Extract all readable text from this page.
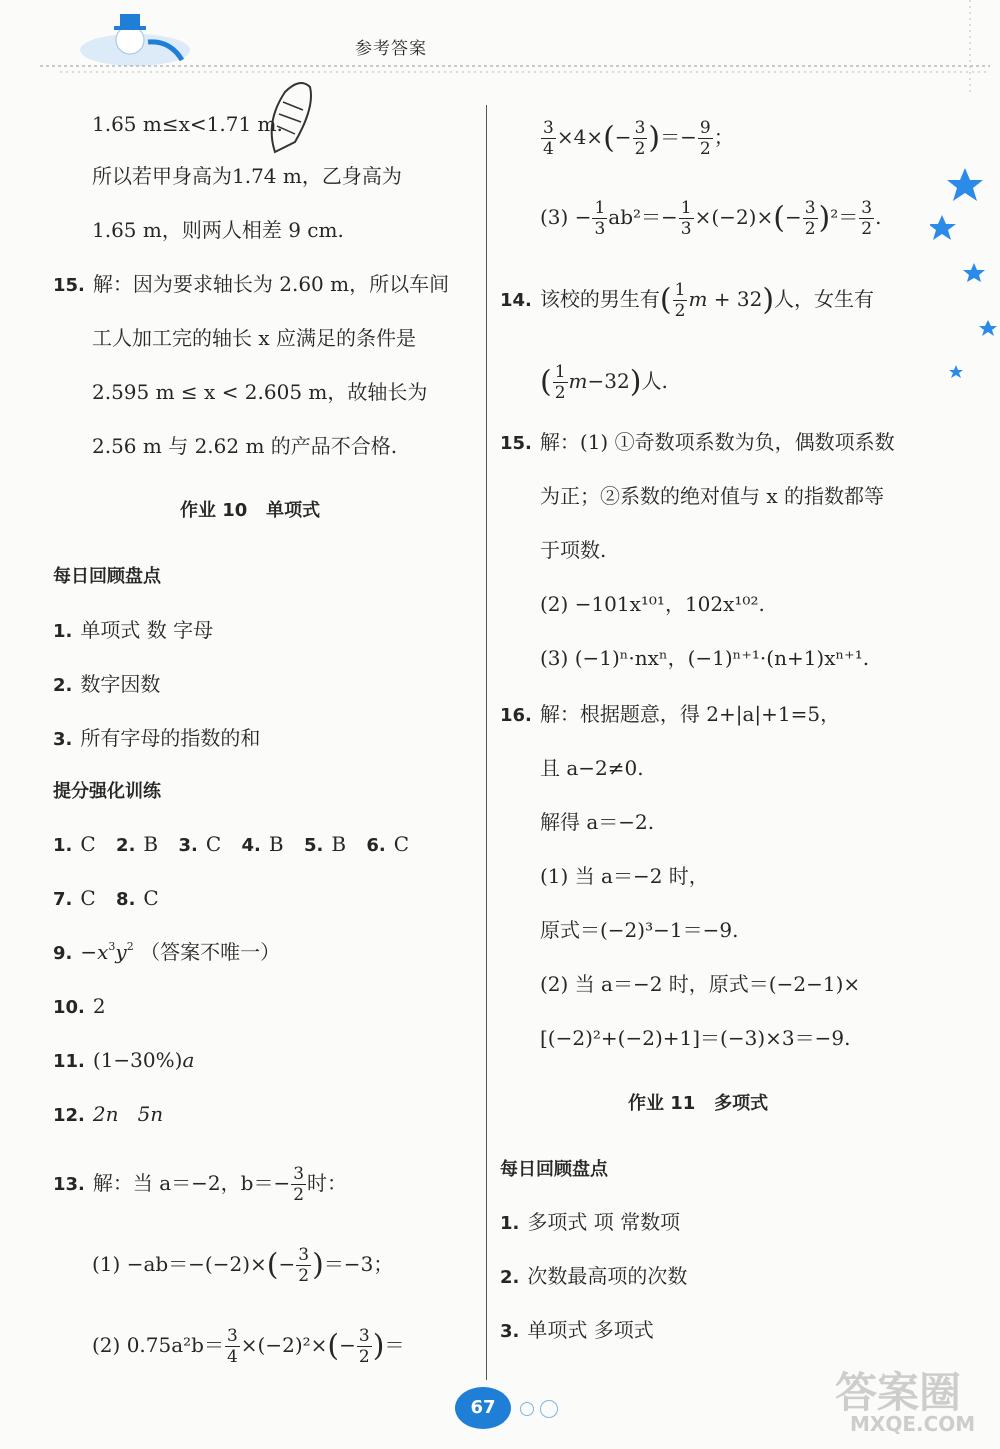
参考答案
1.65 m≤x<1.71 m.
所以若甲身高为1.74 m，乙身高为
1.65 m，则两人相差 9 cm.
15. 解：因为要求轴长为 2.60 m，所以车间
工人加工完的轴长 x 应满足的条件是
2.595 m ≤ x < 2.605 m，故轴长为
2.56 m 与 2.62 m 的产品不合格.
作业 10 单项式
每日回顾盘点
1. 单项式 数 字母
2. 数字因数
3. 所有字母的指数的和
提分强化训练
1. C 2. B 3. C 4. B 5. B 6. C
7. C 8. C
9. $-x^3y^2$ （答案不唯一）
10. 2
11. (1−30%)a
12. 2n 5n
13. 解：当 a＝−2，$b=- \frac{3}{2}$ 时：
$(1) -ab=-(-2)\times(- \frac{3}{2} )=-3$；
(2) $0.75a^2b= \frac{3}{4} \times(-2)^2\times(- \frac{3}{2}$ )＝
$\frac{3}{4} \times 4\times(- \frac{3}{2}$ )＝− $\frac{9}{2}$ ；
$(3) - \frac{1}{3} ab^2=- \frac{1}{3} \times(-2)\times(- \frac{3}{2} )^2= \frac{3}{2}$ .
14. 该校的男生有( $\frac{1}{2}$ m + 32)人，女生有
( $\frac{1}{2} m-32$)人.
15. 解：(1) ①奇数项系数为负，偶数项系数
为正；②系数的绝对值与 x 的指数都等
于项数.
(2) −101x¹⁰¹，102x¹⁰².
(3) (−1)ⁿ·nxⁿ，(−1)ⁿ⁺¹·(n+1)xⁿ⁺¹.
16. 解：根据题意，得 2+|a|+1=5，
且 a−2≠0.
解得 a＝−2.
(1) 当 a＝−2 时，
原式＝(−2)³−1＝−9.
(2) 当 a＝−2 时，原式＝(−2−1)×
[(−2)²+(−2)+1]＝(−3)×3＝−9.
作业 11 多项式
每日回顾盘点
1. 多项式 项 常数项
2. 次数最高项的次数
3. 单项式 多项式
67	答案圈
MXQE.COM
